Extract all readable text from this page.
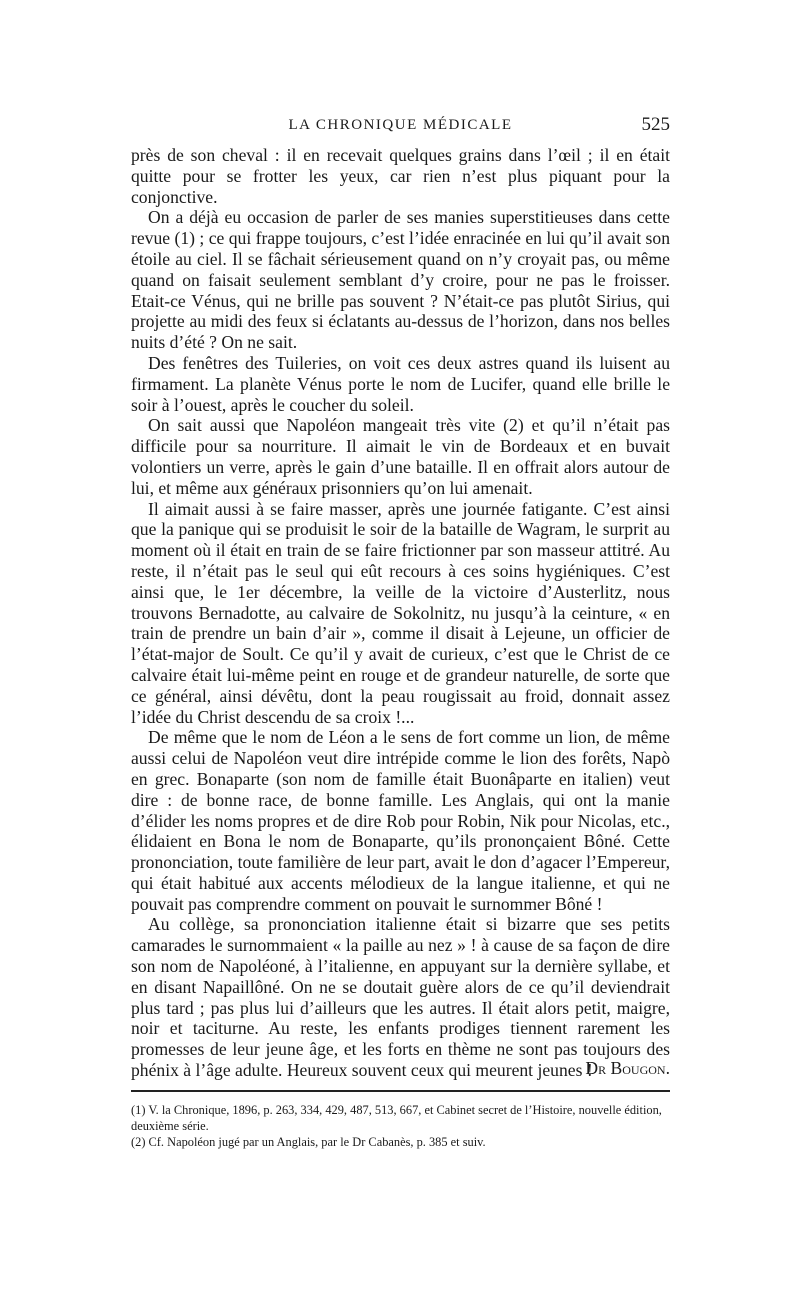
LA CHRONIQUE MÉDICALE	525

près de son cheval : il en recevait quelques grains dans l’œil ; il en était quitte pour se frotter les yeux, car rien n’est plus piquant pour la conjonctive.

On a déjà eu occasion de parler de ses manies superstitieuses dans cette revue (1) ; ce qui frappe toujours, c’est l’idée enracinée en lui qu’il avait son étoile au ciel. Il se fâchait sérieusement quand on n’y croyait pas, ou même quand on faisait seulement semblant d’y croire, pour ne pas le froisser. Etait-ce Vénus, qui ne brille pas souvent ? N’était-ce pas plutôt Sirius, qui projette au midi des feux si éclatants au-dessus de l’horizon, dans nos belles nuits d’été ? On ne sait.

Des fenêtres des Tuileries, on voit ces deux astres quand ils luisent au firmament. La planète Vénus porte le nom de Lucifer, quand elle brille le soir à l’ouest, après le coucher du soleil.

On sait aussi que Napoléon mangeait très vite (2) et qu’il n’était pas difficile pour sa nourriture. Il aimait le vin de Bordeaux et en buvait volontiers un verre, après le gain d’une bataille. Il en offrait alors autour de lui, et même aux généraux prisonniers qu’on lui amenait.

Il aimait aussi à se faire masser, après une journée fatigante. C’est ainsi que la panique qui se produisit le soir de la bataille de Wagram, le surprit au moment où il était en train de se faire frictionner par son masseur attitré. Au reste, il n’était pas le seul qui eût recours à ces soins hygiéniques. C’est ainsi que, le 1er décembre, la veille de la victoire d’Austerlitz, nous trouvons Bernadotte, au calvaire de Sokolnitz, nu jusqu’à la ceinture, « en train de prendre un bain d’air », comme il disait à Lejeune, un officier de l’état-major de Soult. Ce qu’il y avait de curieux, c’est que le Christ de ce calvaire était lui-même peint en rouge et de grandeur naturelle, de sorte que ce général, ainsi dévêtu, dont la peau rougissait au froid, donnait assez l’idée du Christ descendu de sa croix !...

De même que le nom de Léon a le sens de fort comme un lion, de même aussi celui de Napoléon veut dire intrépide comme le lion des forêts, Napò en grec. Bonaparte (son nom de famille était Buonâparte en italien) veut dire : de bonne race, de bonne famille. Les Anglais, qui ont la manie d’élider les noms propres et de dire Rob pour Robin, Nik pour Nicolas, etc., élidaient en Bona le nom de Bonaparte, qu’ils prononçaient Bôné. Cette prononciation, toute familière de leur part, avait le don d’agacer l’Empereur, qui était habitué aux accents mélodieux de la langue italienne, et qui ne pouvait pas comprendre comment on pouvait le surnommer Bôné !

Au collège, sa prononciation italienne était si bizarre que ses petits camarades le surnommaient « la paille au nez » ! à cause de sa façon de dire son nom de Napoléoné, à l’italienne, en appuyant sur la dernière syllabe, et en disant Napaillôné. On ne se doutait guère alors de ce qu’il deviendrait plus tard ; pas plus lui d’ailleurs que les autres. Il était alors petit, maigre, noir et taciturne. Au reste, les enfants prodiges tiennent rarement les promesses de leur jeune âge, et les forts en thème ne sont pas toujours des phénix à l’âge adulte. Heureux souvent ceux qui meurent jeunes !

Dr Bougon.

(1) V. la Chronique, 1896, p. 263, 334, 429, 487, 513, 667, et Cabinet secret de l’Histoire, nouvelle édition, deuxième série.

(2) Cf. Napoléon jugé par un Anglais, par le Dr Cabanès, p. 385 et suiv.
